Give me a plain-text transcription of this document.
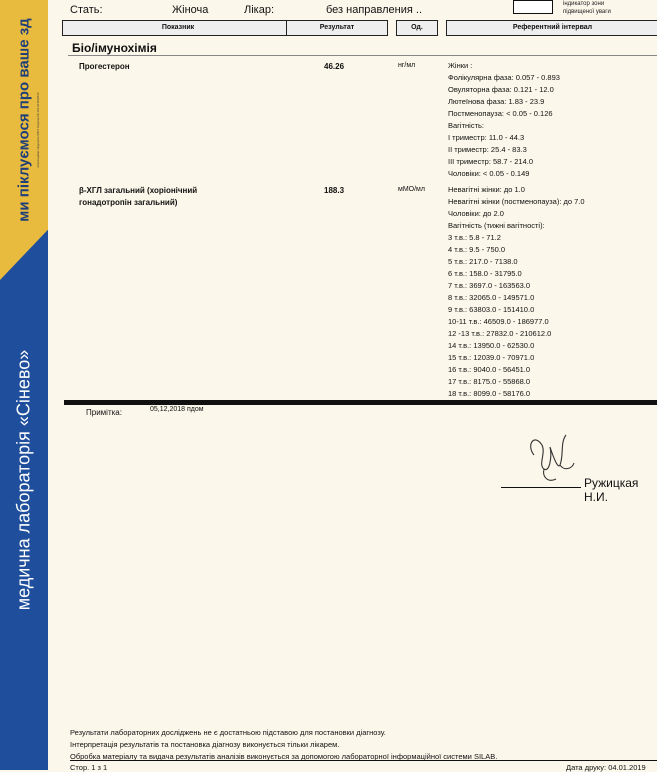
ми піклуємося про ваше зд Атестаційне свідоцтво МОЗ України № 101-0156/2014
медична лабораторія «Сінево»
Стать:	Жіноча	Лікар:	без направления ..	індикатор зони
підвищеної уваги
Показник	Результат	Од.	Референтний інтервал
Біо/імунохімія
Прогестерон	46.26	нг/мл	Жінки :
Фолікулярна фаза: 0.057 - 0.893
Овуляторна фаза: 0.121 - 12.0
Лютеїнова фаза: 1.83 - 23.9
Постменопауза: < 0.05 - 0.126
Вагітність:
I триместр: 11.0 - 44.3
II триместр: 25.4 - 83.3
III триместр: 58.7 - 214.0
Чоловіки: < 0.05 - 0.149
β-ХГЛ загальний (хоріонічний гонадотропін загальний)
188.3	мМО/мл	Невагітні жінки: до 1.0
Невагітні жінки (постменопауза): до 7.0
Чоловіки: до 2.0
Вагітність (тижні вагітності):
3 т.в.: 5.8 - 71.2
4 т.в.: 9.5 - 750.0
5 т.в.: 217.0 - 7138.0
6 т.в.: 158.0 - 31795.0
7 т.в.: 3697.0 - 163563.0
8 т.в.: 32065.0 - 149571.0
9 т.в.: 63803.0 - 151410.0
10-11 т.в.: 46509.0 - 186977.0
12 -13 т.в.: 27832.0 - 210612.0
14 т.в.: 13950.0 - 62530.0
15 т.в.: 12039.0 - 70971.0
16 т.в.: 9040.0 - 56451.0
17 т.в.: 8175.0 - 55868.0
18 т.в.: 8099.0 - 58176.0
Примітка:	05,12,2018 пдом
Ружицкая Н.И.
Результати лабораторних досліджень не є достатньою підставою для постановки діагнозу.
Інтерпретація результатів та постановка діагнозу виконується тільки лікарем.
Обробка матеріалу та видача результатів аналізів виконується за допомогою лабораторної інформаційної системи SILAB.
Стор. 1 з 1	Дата друку: 04.01.2019
